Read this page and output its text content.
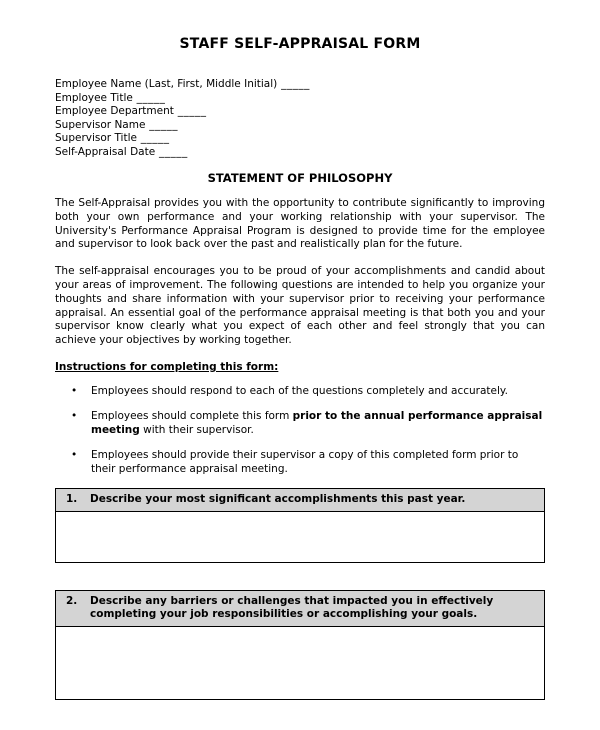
STAFF SELF-APPRAISAL FORM
Employee Name (Last, First, Middle Initial) _____
Employee Title _____
Employee Department _____
Supervisor Name _____
Supervisor Title _____
Self-Appraisal Date _____
STATEMENT OF PHILOSOPHY

The Self-Appraisal provides you with the opportunity to contribute significantly to improving both your own performance and your working relationship with your supervisor. The University's Performance Appraisal Program is designed to provide time for the employee and supervisor to look back over the past and realistically plan for the future.

The self-appraisal encourages you to be proud of your accomplishments and candid about your areas of improvement. The following questions are intended to help you organize your thoughts and share information with your supervisor prior to receiving your performance appraisal. An essential goal of the performance appraisal meeting is that both you and your supervisor know clearly what you expect of each other and feel strongly that you can achieve your objectives by working together.

Instructions for completing this form:
• Employees should respond to each of the questions completely and accurately.
• Employees should complete this form prior to the annual performance appraisal meeting with their supervisor.
• Employees should provide their supervisor a copy of this completed form prior to their performance appraisal meeting.
1.	Describe your most significant accomplishments this past year.
2.	Describe any barriers or challenges that impacted you in effectively completing your job responsibilities or accomplishing your goals.
